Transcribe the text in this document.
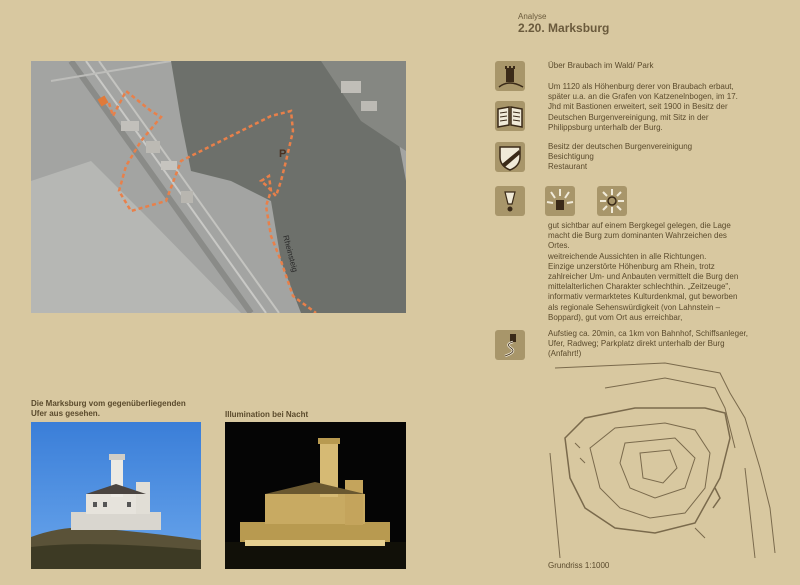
Analyse
2.20. Marksburg
P
Rheinsteig
Über Braubach im Wald/ Park
Um 1120 als Höhenburg derer von Braubach erbaut,
später u.a. an die Grafen von Katzenelnbogen, im 17.
Jhd mit Bastionen erweitert, seit 1900 in Besitz der
Deutschen Burgenvereinigung, mit Sitz in der
Philippsburg unterhalb der Burg.
Besitz der deutschen Burgenvereinigung
Besichtigung
Restaurant
gut sichtbar auf einem Bergkegel gelegen, die Lage
macht die Burg zum dominanten Wahrzeichen des
Ortes.
weitreichende Aussichten in alle Richtungen.
Einzige unzerstörte Höhenburg am Rhein, trotz
zahlreicher Um- und Anbauten vermittelt die Burg den
mittelalterlichen Charakter schlechthin. „Zeitzeuge",
informativ vermarktetes Kulturdenkmal, gut beworben
als regionale Sehenswürdigkeit (von Lahnstein –
Boppard), gut vom Ort aus erreichbar,
Aufstieg ca. 20min, ca 1km von Bahnhof, Schiffsanleger,
Ufer, Radweg; Parkplatz direkt unterhalb der Burg
(Anfahrt!)
Grundriss 1:1000
Die Marksburg vom gegenüberliegenden
Ufer aus gesehen.	Illumination bei Nacht
